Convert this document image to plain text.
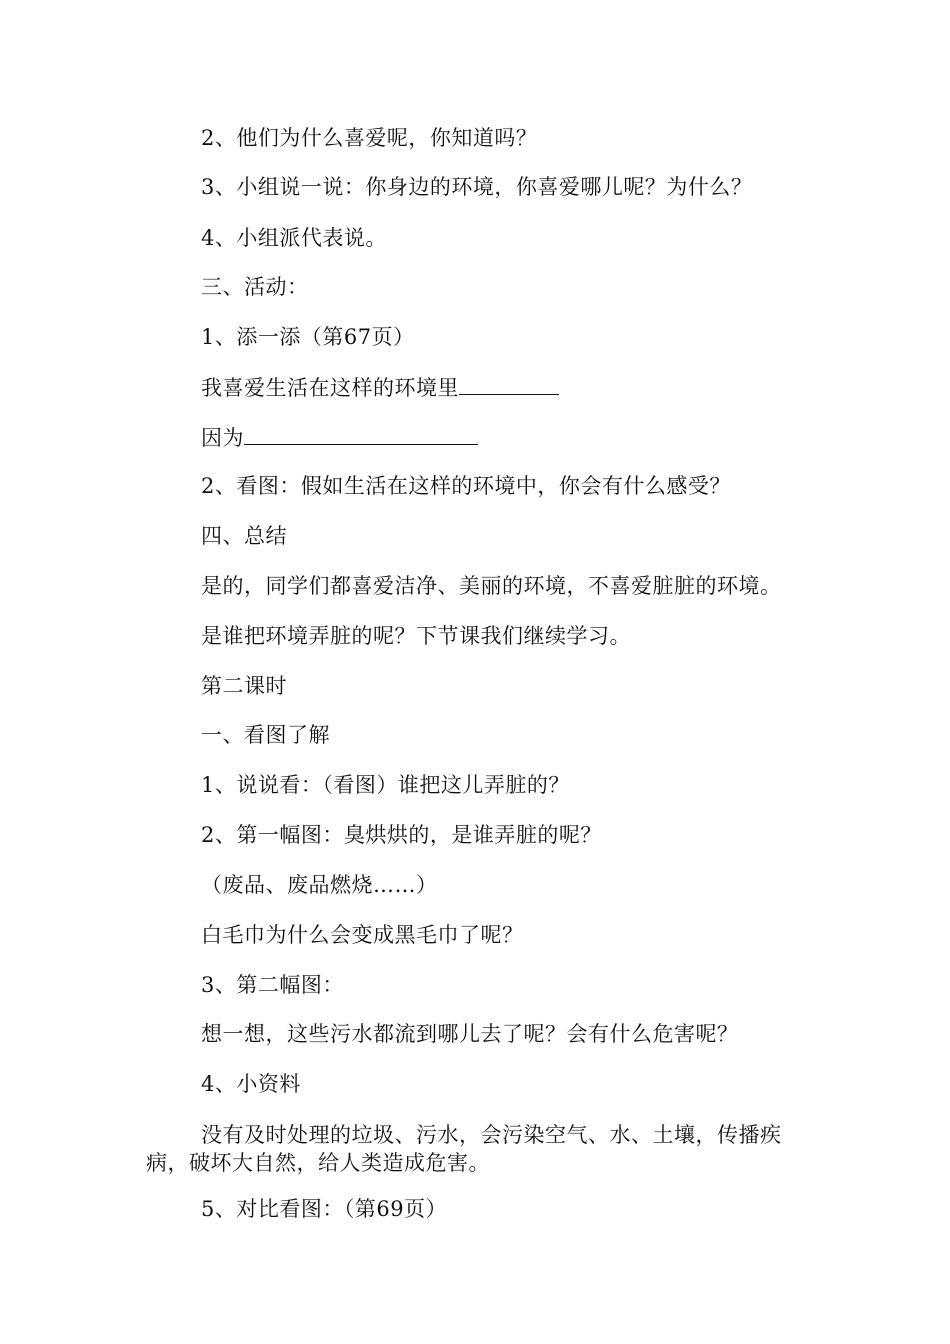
2、他们为什么喜爱呢，你知道吗？
3、小组说一说：你身边的环境，你喜爱哪儿呢？为什么？
4、小组派代表说。
三、活动：
1、添一添（第67页）
我喜爱生活在这样的环境里
因为
2、看图：假如生活在这样的环境中，你会有什么感受？
四、总结
是的，同学们都喜爱洁净、美丽的环境，不喜爱脏脏的环境。
是谁把环境弄脏的呢？下节课我们继续学习。
第二课时
一、看图了解
1、说说看：（看图）谁把这儿弄脏的？
2、第一幅图：臭烘烘的，是谁弄脏的呢？
（废品、废品燃烧……）
白毛巾为什么会变成黑毛巾了呢？
3、第二幅图：
想一想，这些污水都流到哪儿去了呢？会有什么危害呢？
4、小资料
没有及时处理的垃圾、污水，会污染空气、水、土壤，传播疾病，破坏大自然，给人类造成危害。
5、对比看图：（第69页）
